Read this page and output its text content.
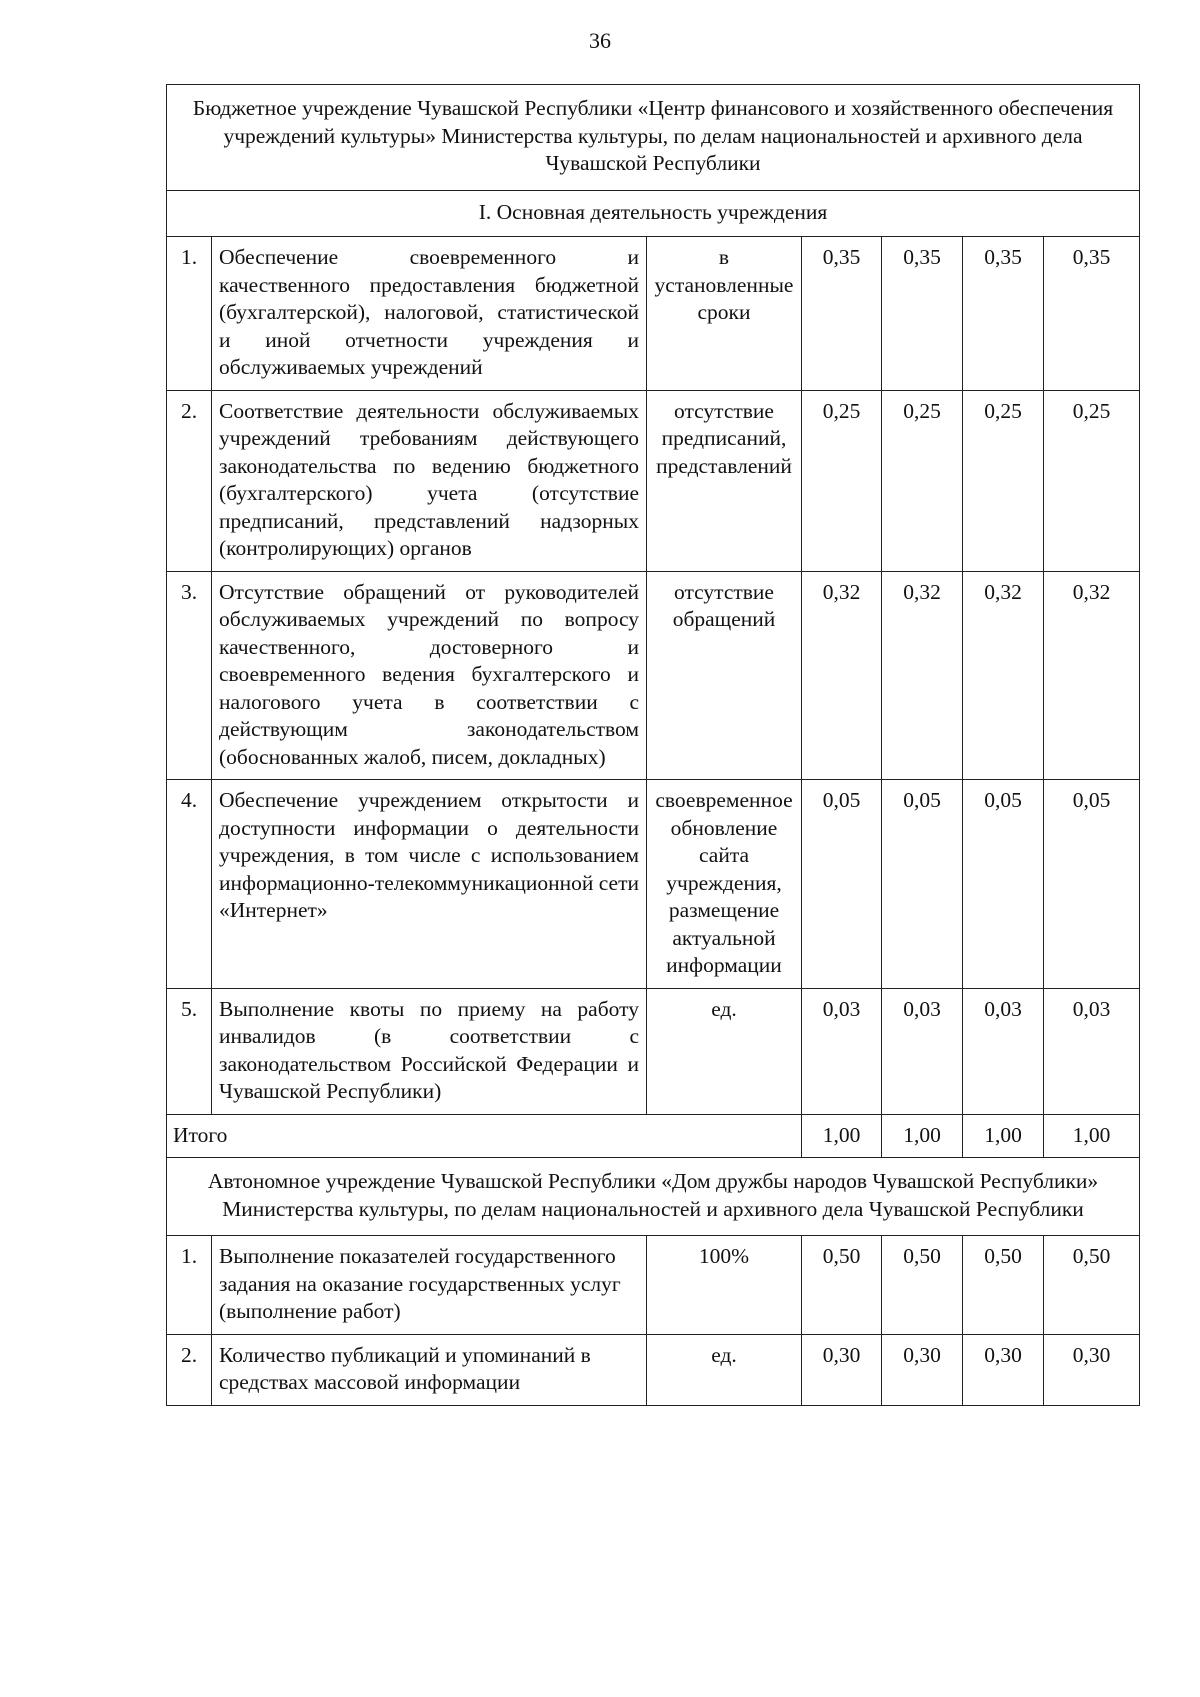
36
Бюджетное учреждение Чувашской Республики «Центр финансового и хозяйственного обеспечения учреждений культуры» Министерства культуры, по делам национальностей и архивного дела Чувашской Республики						
I. Основная деятельность учреждения						
1.	Обеспечение своевременного и качественного предоставления бюджетной (бухгалтерской), налоговой, статистической и иной отчетности учреждения и обслуживаемых учреждений	в установленные сроки	0,35	0,35	0,35	0,35
2.	Соответствие деятельности обслуживаемых учреждений требованиям действующего законодательства по ведению бюджетного (бухгалтерского) учета (отсутствие предписаний, представлений надзорных (контролирующих) органов	отсутствие предписаний, представлений	0,25	0,25	0,25	0,25
3.	Отсутствие обращений от руководителей обслуживаемых учреждений по вопросу качественного, достоверного и своевременного ведения бухгалтерского и налогового учета в соответствии с действующим законодательством (обоснованных жалоб, писем, докладных)	отсутствие обращений	0,32	0,32	0,32	0,32
4.	Обеспечение учреждением открытости и доступности информации о деятельности учреждения, в том числе с использованием информационно-телекоммуникационной сети «Интернет»	своевременное обновление сайта учреждения, размещение актуальной информации	0,05	0,05	0,05	0,05
5.	Выполнение квоты по приему на работу инвалидов (в соответствии с законодательством Российской Федерации и Чувашской Республики)	ед.	0,03	0,03	0,03	0,03
Итого			1,00	1,00	1,00	1,00
Автономное учреждение Чувашской Республики «Дом дружбы народов Чувашской Республики» Министерства культуры, по делам национальностей и архивного дела Чувашской Республики						
1.	Выполнение показателей государственного задания на оказание государственных услуг (выполнение работ)	100%	0,50	0,50	0,50	0,50
2.	Количество публикаций и упоминаний в средствах массовой информации	ед.	0,30	0,30	0,30	0,30
